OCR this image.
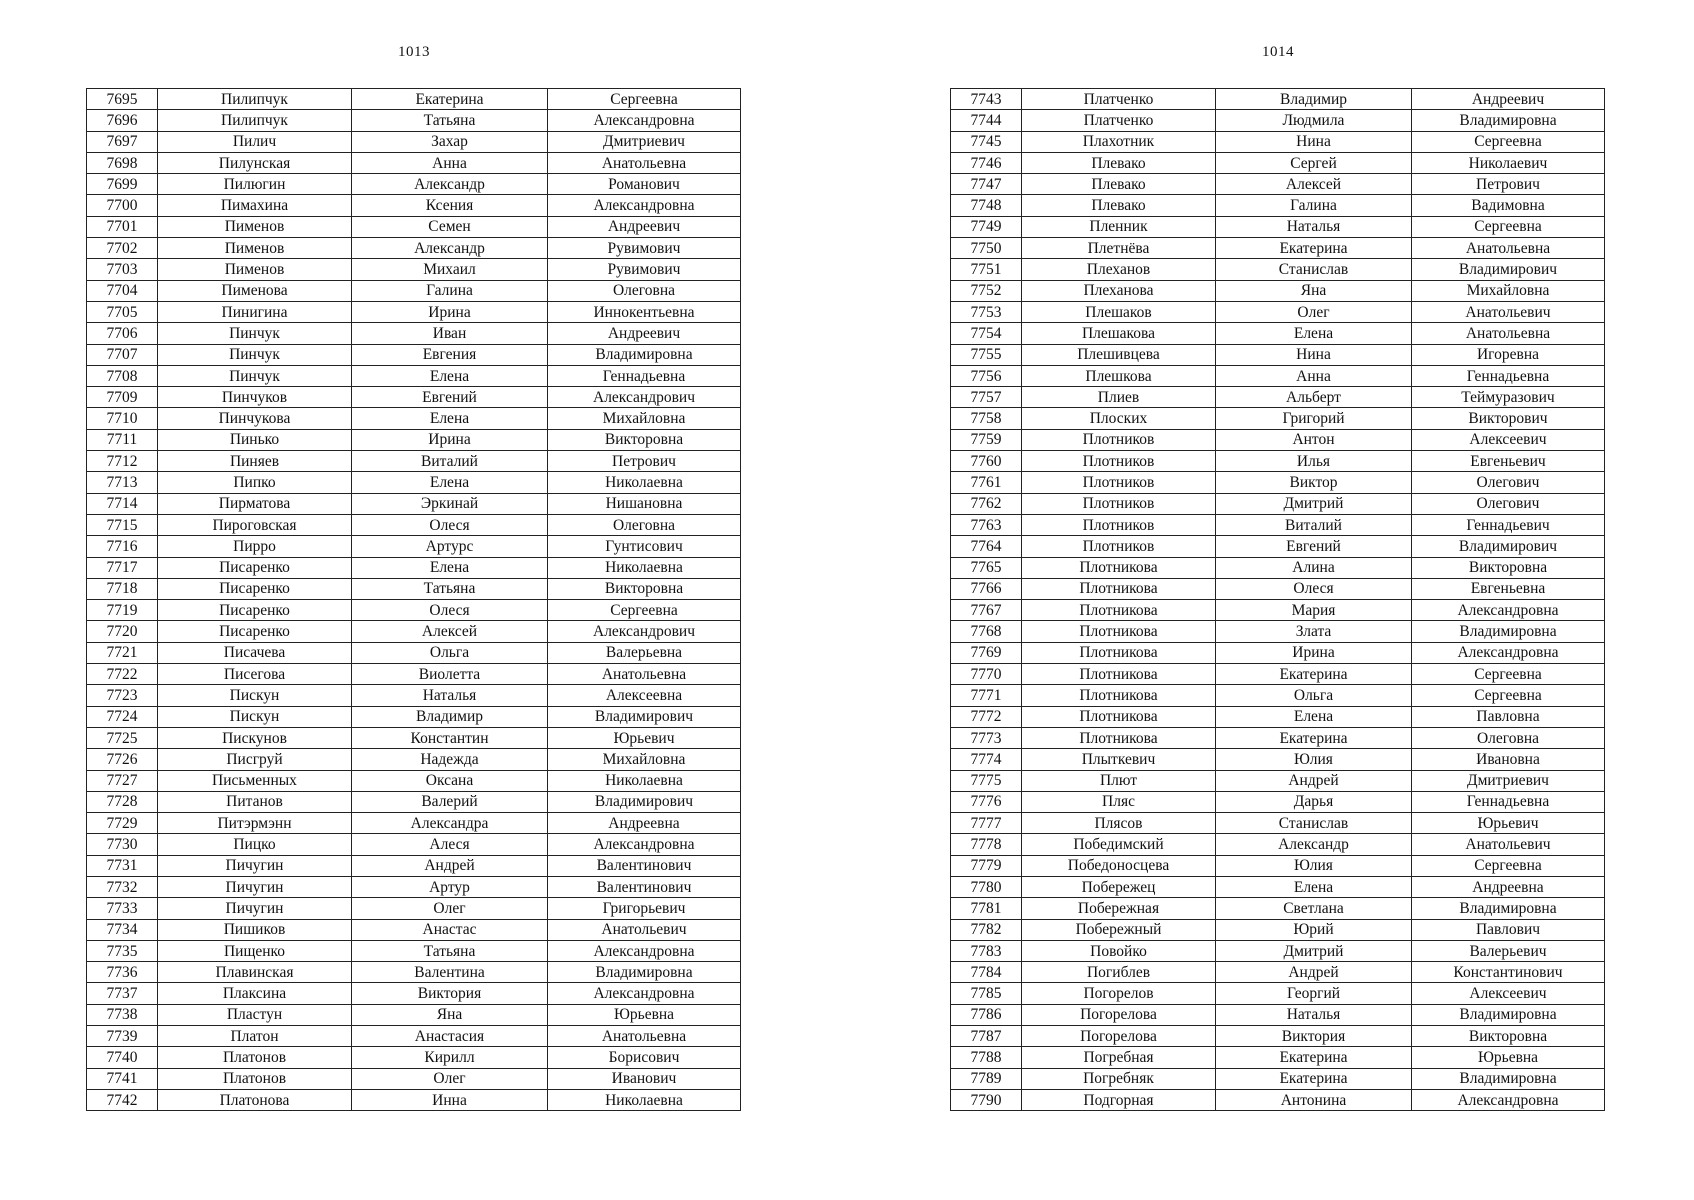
1013
7695	Пилипчук	Екатерина	Сергеевна
7696	Пилипчук	Татьяна	Александровна
7697	Пилич	Захар	Дмитриевич
7698	Пилунская	Анна	Анатольевна
7699	Пилюгин	Александр	Романович
7700	Пимахина	Ксения	Александровна
7701	Пименов	Семен	Андреевич
7702	Пименов	Александр	Рувимович
7703	Пименов	Михаил	Рувимович
7704	Пименова	Галина	Олеговна
7705	Пинигина	Ирина	Иннокентьевна
7706	Пинчук	Иван	Андреевич
7707	Пинчук	Евгения	Владимировна
7708	Пинчук	Елена	Геннадьевна
7709	Пинчуков	Евгений	Александрович
7710	Пинчукова	Елена	Михайловна
7711	Пинько	Ирина	Викторовна
7712	Пиняев	Виталий	Петрович
7713	Пипко	Елена	Николаевна
7714	Пирматова	Эркинай	Нишановна
7715	Пироговская	Олеся	Олеговна
7716	Пирро	Артурс	Гунтисович
7717	Писаренко	Елена	Николаевна
7718	Писаренко	Татьяна	Викторовна
7719	Писаренко	Олеся	Сергеевна
7720	Писаренко	Алексей	Александрович
7721	Писачева	Ольга	Валерьевна
7722	Писегова	Виолетта	Анатольевна
7723	Пискун	Наталья	Алексеевна
7724	Пискун	Владимир	Владимирович
7725	Пискунов	Константин	Юрьевич
7726	Писгруй	Надежда	Михайловна
7727	Письменных	Оксана	Николаевна
7728	Питанов	Валерий	Владимирович
7729	Питэрмэнн	Александра	Андреевна
7730	Пицко	Алеся	Александровна
7731	Пичугин	Андрей	Валентинович
7732	Пичугин	Артур	Валентинович
7733	Пичугин	Олег	Григорьевич
7734	Пишиков	Анастас	Анатольевич
7735	Пищенко	Татьяна	Александровна
7736	Плавинская	Валентина	Владимировна
7737	Плаксина	Виктория	Александровна
7738	Пластун	Яна	Юрьевна
7739	Платон	Анастасия	Анатольевна
7740	Платонов	Кирилл	Борисович
7741	Платонов	Олег	Иванович
7742	Платонова	Инна	Николаевна
1014
7743	Платченко	Владимир	Андреевич
7744	Платченко	Людмила	Владимировна
7745	Плахотник	Нина	Сергеевна
7746	Плевако	Сергей	Николаевич
7747	Плевако	Алексей	Петрович
7748	Плевако	Галина	Вадимовна
7749	Пленник	Наталья	Сергеевна
7750	Плетнёва	Екатерина	Анатольевна
7751	Плеханов	Станислав	Владимирович
7752	Плеханова	Яна	Михайловна
7753	Плешаков	Олег	Анатольевич
7754	Плешакова	Елена	Анатольевна
7755	Плешивцева	Нина	Игоревна
7756	Плешкова	Анна	Геннадьевна
7757	Плиев	Альберт	Теймуразович
7758	Плоских	Григорий	Викторович
7759	Плотников	Антон	Алексеевич
7760	Плотников	Илья	Евгеньевич
7761	Плотников	Виктор	Олегович
7762	Плотников	Дмитрий	Олегович
7763	Плотников	Виталий	Геннадьевич
7764	Плотников	Евгений	Владимирович
7765	Плотникова	Алина	Викторовна
7766	Плотникова	Олеся	Евгеньевна
7767	Плотникова	Мария	Александровна
7768	Плотникова	Злата	Владимировна
7769	Плотникова	Ирина	Александровна
7770	Плотникова	Екатерина	Сергеевна
7771	Плотникова	Ольга	Сергеевна
7772	Плотникова	Елена	Павловна
7773	Плотникова	Екатерина	Олеговна
7774	Плыткевич	Юлия	Ивановна
7775	Плют	Андрей	Дмитриевич
7776	Пляс	Дарья	Геннадьевна
7777	Плясов	Станислав	Юрьевич
7778	Победимский	Александр	Анатольевич
7779	Победоносцева	Юлия	Сергеевна
7780	Побережец	Елена	Андреевна
7781	Побережная	Светлана	Владимировна
7782	Побережный	Юрий	Павлович
7783	Повойко	Дмитрий	Валерьевич
7784	Погиблев	Андрей	Константинович
7785	Погорелов	Георгий	Алексеевич
7786	Погорелова	Наталья	Владимировна
7787	Погорелова	Виктория	Викторовна
7788	Погребная	Екатерина	Юрьевна
7789	Погребняк	Екатерина	Владимировна
7790	Подгорная	Антонина	Александровна
